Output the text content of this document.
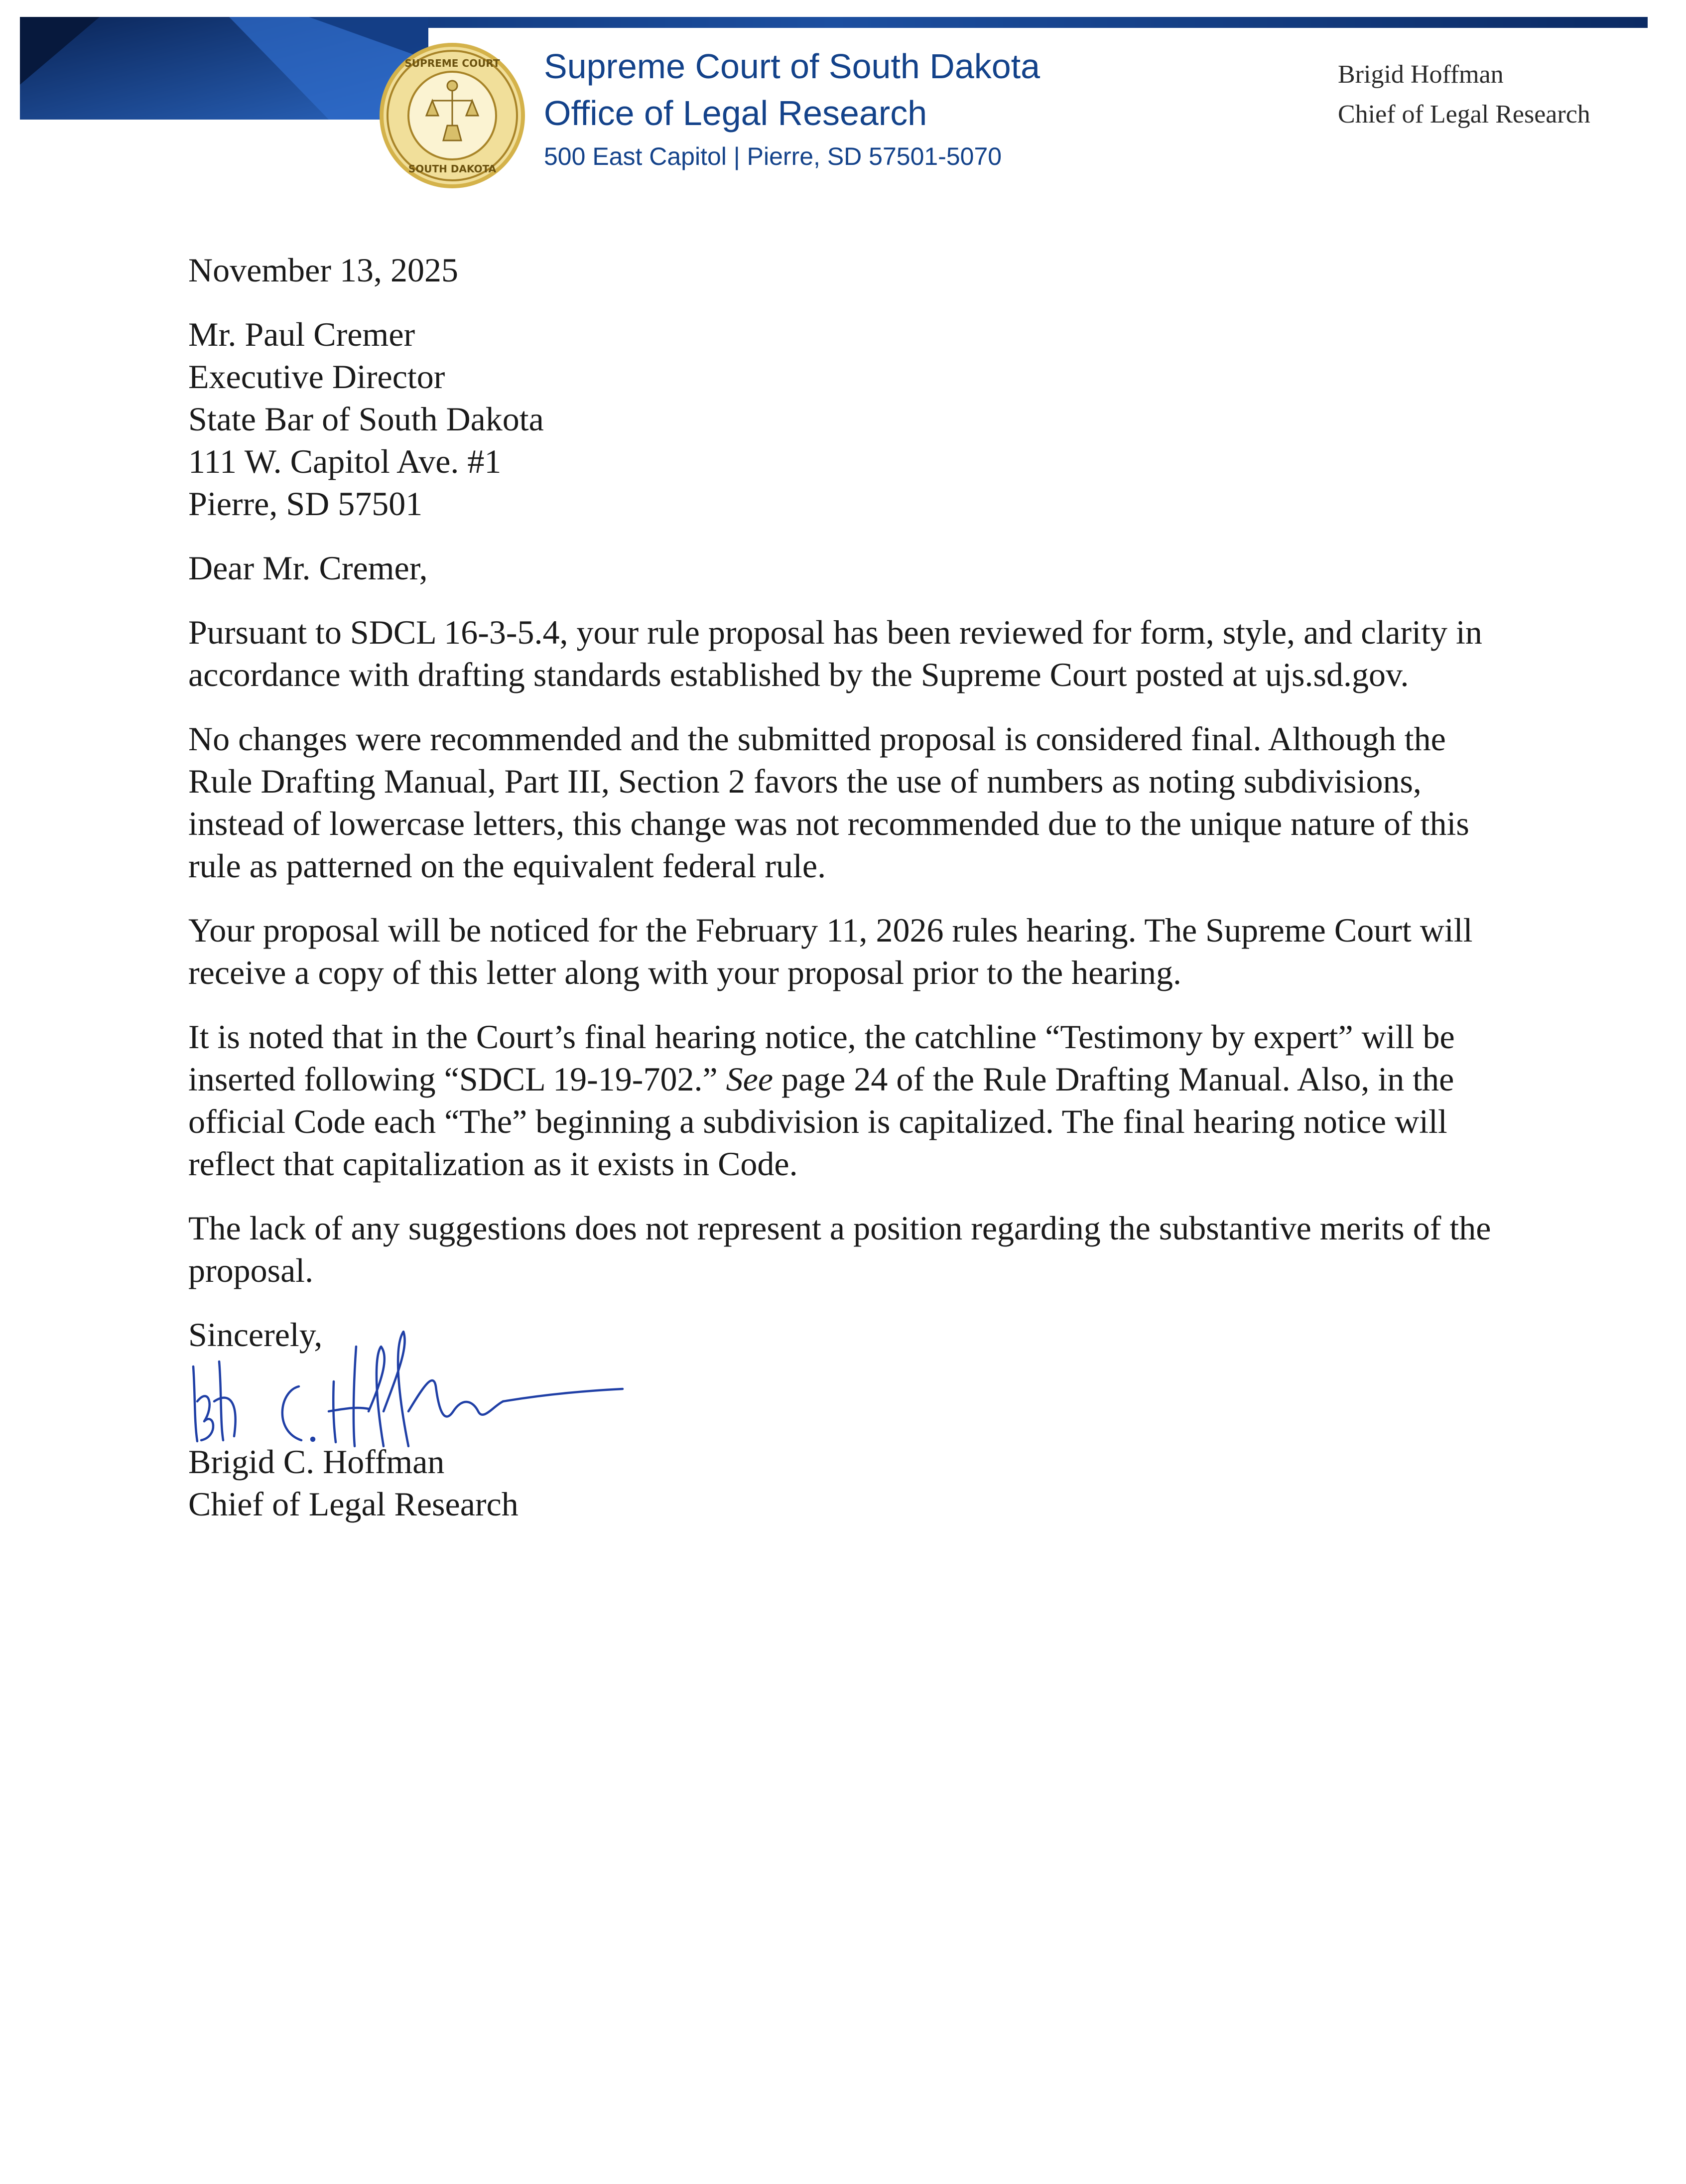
SUPREME COURT
SOUTH DAKOTA
Supreme Court of South Dakota
Office of Legal Research
500 East Capitol | Pierre, SD 57501-5070
Brigid Hoffman
Chief of Legal Research

November 13, 2025

Mr. Paul Cremer
Executive Director
State Bar of South Dakota
111 W. Capitol Ave. #1
Pierre, SD 57501

Dear Mr. Cremer,

Pursuant to SDCL 16-3-5.4, your rule proposal has been reviewed for form, style, and clarity in accordance with drafting standards established by the Supreme Court posted at ujs.sd.gov.

No changes were recommended and the submitted proposal is considered final. Although the Rule Drafting Manual, Part III, Section 2 favors the use of numbers as noting subdivisions, instead of lowercase letters, this change was not recommended due to the unique nature of this rule as patterned on the equivalent federal rule.

Your proposal will be noticed for the February 11, 2026 rules hearing. The Supreme Court will receive a copy of this letter along with your proposal prior to the hearing.

It is noted that in the Court’s final hearing notice, the catchline “Testimony by expert” will be inserted following “SDCL 19-19-702.” See page 24 of the Rule Drafting Manual. Also, in the official Code each “The” beginning a subdivision is capitalized. The final hearing notice will reflect that capitalization as it exists in Code.

The lack of any suggestions does not represent a position regarding the substantive merits of the proposal.

Sincerely,
Brigid C. Hoffman
Chief of Legal Research
